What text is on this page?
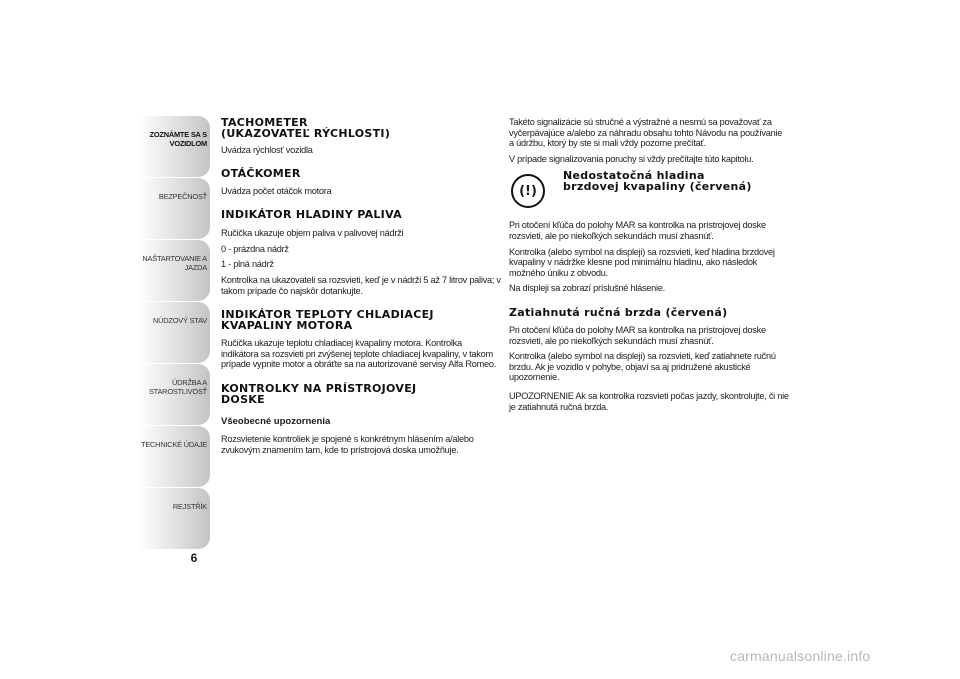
ZOZNÁMTE SA S VOZIDLOM
BEZPEČNOSŤ
NAŠTARTOVANIE A JAZDA
NÚDZOVÝ STAV
ÚDRŽBA A STAROSTLIVOSŤ
TECHNICKÉ ÚDAJE
REJSTŘÍK
6
TACHOMETER
(UKAZOVATEĽ RÝCHLOSTI)

Uvádza rýchlosť vozidla

OTÁČKOMER

Uvádza počet otáčok motora

INDIKÁTOR HLADINY PALIVA

Ručička ukazuje objem paliva v palivovej nádrži

0 - prázdna nádrž

1 - plná nádrž

Kontrolka na ukazovateli sa rozsvieti, keď je v nádrži 5 až 7 litrov paliva; v takom prípade čo najskôr dotankujte.

INDIKÁTOR TEPLOTY CHLADIACEJ
KVAPALINY MOTORA

Ručička ukazuje teplotu chladiacej kvapaliny motora. Kontrolka indikátora sa rozsvieti pri zvýšenej teplote chladiacej kvapaliny, v takom prípade vypnite motor a obráťte sa na autorizované servisy Alfa Romeo.

KONTROLKY NA PRÍSTROJOVEJ
DOSKE
Všeobecné upozornenia

Rozsvietenie kontroliek je spojené s konkrétnym hlásením a/alebo zvukovým znamením tam, kde to prístrojová doska umožňuje.

Takéto signalizácie sú stručné a výstražné a nesmú sa považovať za vyčerpávajúce a/alebo za náhradu obsahu tohto Návodu na používanie a údržbu, ktorý by ste si mali vždy pozorne prečítať.

V prípade signalizovania poruchy si vždy prečítajte túto kapitolu.

(!)
Nedostatočná hladina
brzdovej kvapaliny (červená)

Pri otočení kľúča do polohy MAR sa kontrolka na prístrojovej doske rozsvieti, ale po niekoľkých sekundách musí zhasnúť.

Kontrolka (alebo symbol na displeji) sa rozsvieti, keď hladina brzdovej kvapaliny v nádržke klesne pod minimálnu hladinu, ako následok možného úniku z obvodu.

Na displeji sa zobrazí príslušné hlásenie.

Zatiahnutá ručná brzda (červená)

Pri otočení kľúča do polohy MAR sa kontrolka na prístrojovej doske rozsvieti, ale po niekoľkých sekundách musí zhasnúť.

Kontrolka (alebo symbol na displeji) sa rozsvieti, keď zatiahnete ručnú brzdu. Ak je vozidlo v pohybe, objaví sa aj pridružené akustické upozornenie.

UPOZORNENIE Ak sa kontrolka rozsvieti počas jazdy, skontrolujte, či nie je zatiahnutá ručná brzda.

carmanualsonline.info
